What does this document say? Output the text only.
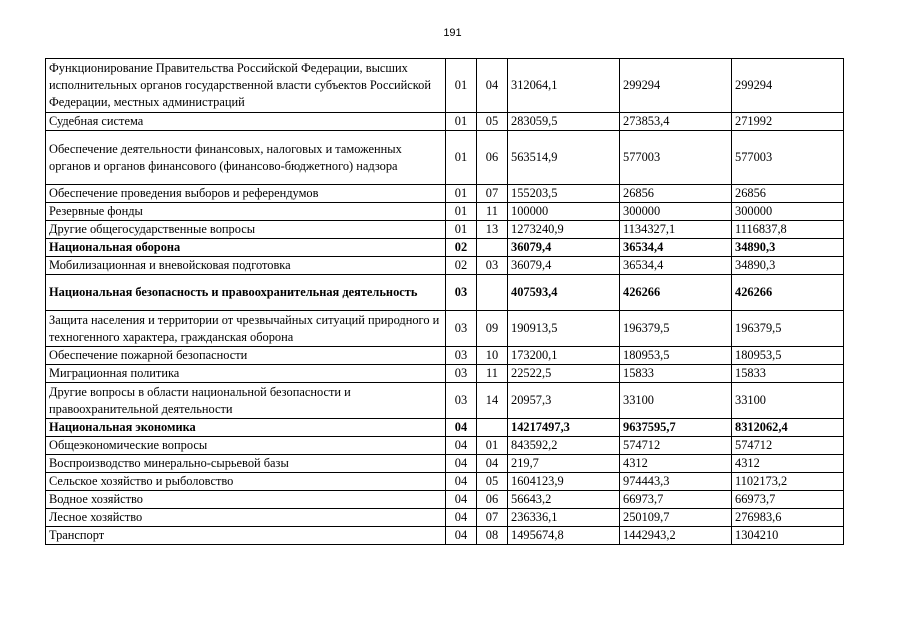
191
Функционирование Правительства Российской Федерации, высших исполнительных органов государственной власти субъектов Российской Федерации, местных администраций	01	04	312064,1	299294	299294
Судебная система	01	05	283059,5	273853,4	271992
Обеспечение деятельности финансовых, налоговых и таможенных органов и органов финансового (финансово-бюджетного) надзора	01	06	563514,9	577003	577003
Обеспечение проведения выборов и референдумов	01	07	155203,5	26856	26856
Резервные фонды	01	11	100000	300000	300000
Другие общегосударственные вопросы	01	13	1273240,9	1134327,1	1116837,8
Национальная оборона	02		36079,4	36534,4	34890,3
Мобилизационная и вневойсковая подготовка	02	03	36079,4	36534,4	34890,3
Национальная безопасность и правоохранительная деятельность	03		407593,4	426266	426266
Защита населения и территории от чрезвычайных ситуаций природного и техногенного характера, гражданская оборона	03	09	190913,5	196379,5	196379,5
Обеспечение пожарной безопасности	03	10	173200,1	180953,5	180953,5
Миграционная политика	03	11	22522,5	15833	15833
Другие вопросы в области национальной безопасности и правоохранительной деятельности	03	14	20957,3	33100	33100
Национальная экономика	04		14217497,3	9637595,7	8312062,4
Общеэкономические вопросы	04	01	843592,2	574712	574712
Воспроизводство минерально-сырьевой базы	04	04	219,7	4312	4312
Сельское хозяйство и рыболовство	04	05	1604123,9	974443,3	1102173,2
Водное хозяйство	04	06	56643,2	66973,7	66973,7
Лесное хозяйство	04	07	236336,1	250109,7	276983,6
Транспорт	04	08	1495674,8	1442943,2	1304210
